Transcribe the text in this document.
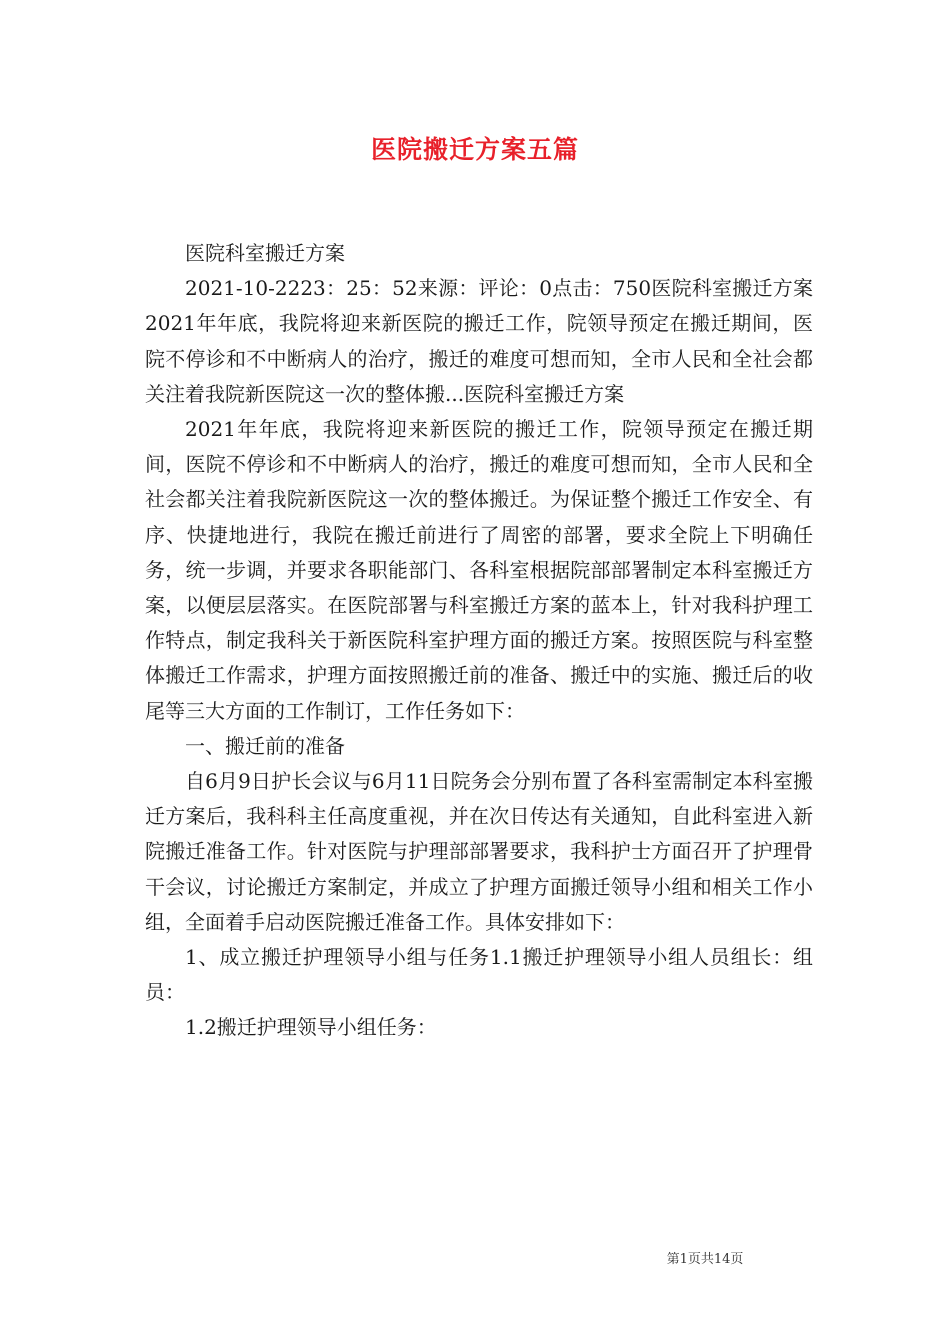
医院搬迁方案五篇

医院科室搬迁方案

2021-10-2223：25：52来源：评论：0点击：750医院科室搬迁方案2021年年底，我院将迎来新医院的搬迁工作，院领导预定在搬迁期间，医院不停诊和不中断病人的治疗，搬迁的难度可想而知，全市人民和全社会都关注着我院新医院这一次的整体搬...医院科室搬迁方案

2021年年底，我院将迎来新医院的搬迁工作，院领导预定在搬迁期间，医院不停诊和不中断病人的治疗，搬迁的难度可想而知，全市人民和全社会都关注着我院新医院这一次的整体搬迁。为保证整个搬迁工作安全、有序、快捷地进行，我院在搬迁前进行了周密的部署，要求全院上下明确任务，统一步调，并要求各职能部门、各科室根据院部部署制定本科室搬迁方案，以便层层落实。在医院部署与科室搬迁方案的蓝本上，针对我科护理工作特点，制定我科关于新医院科室护理方面的搬迁方案。按照医院与科室整体搬迁工作需求，护理方面按照搬迁前的准备、搬迁中的实施、搬迁后的收尾等三大方面的工作制订，工作任务如下：

一、搬迁前的准备

自6月9日护长会议与6月11日院务会分别布置了各科室需制定本科室搬迁方案后，我科科主任高度重视，并在次日传达有关通知，自此科室进入新院搬迁准备工作。针对医院与护理部部署要求，我科护士方面召开了护理骨干会议，讨论搬迁方案制定，并成立了护理方面搬迁领导小组和相关工作小组，全面着手启动医院搬迁准备工作。具体安排如下：

1、成立搬迁护理领导小组与任务1.1搬迁护理领导小组人员组长：组员：

1.2搬迁护理领导小组任务：

第1页共14页
